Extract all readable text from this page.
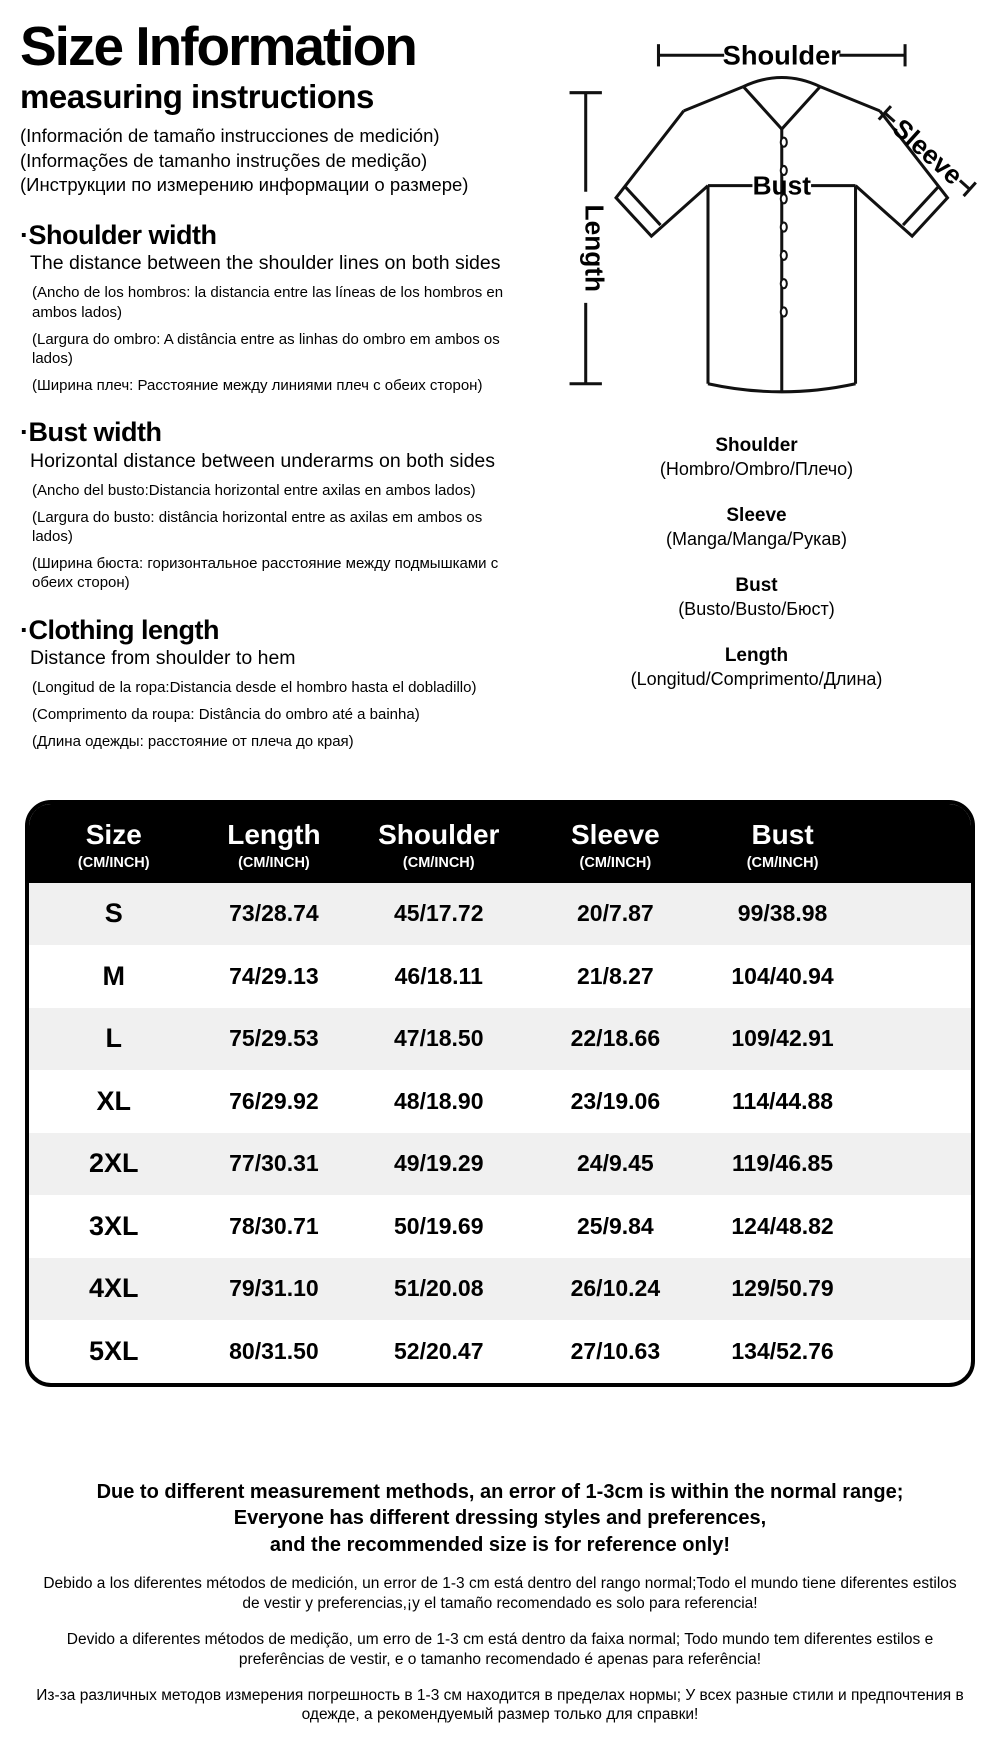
Size Information
measuring instructions
(Información de tamaño instrucciones de medición)
(Informações de tamanho instruções de medição)
(Инструкции по измерению информации о размере)
·Shoulder width
The distance between the shoulder lines on both sides
(Ancho de los hombros: la distancia entre las líneas de los hombros en ambos lados)
(Largura do ombro: A distância entre as linhas do ombro em ambos os lados)
(Ширина плеч: Расстояние между линиями плеч с обеих сторон)
·Bust width
Horizontal distance between underarms on both sides
(Ancho del busto:Distancia horizontal entre axilas en ambos lados)
(Largura do busto: distância horizontal entre as axilas em ambos os lados)
(Ширина бюста: горизонтальное расстояние между подмышками с обеих сторон)
·Clothing length
Distance from shoulder to hem
(Longitud de la ropa:Distancia desde el hombro hasta el dobladillo)
(Comprimento da roupa: Distância do ombro até a bainha)
(Длина одежды: расстояние от плеча до края)
Sleeve
Shoulder
Bust
Length
Shoulder
(Hombro/Ombro/Плечо)
Sleeve
(Manga/Manga/Рукав)
Bust
(Busto/Busto/Бюст)
Length
(Longitud/Comprimento/Длина)
Size
(CM/INCH)
Length
(CM/INCH)
Shoulder
(CM/INCH)
Sleeve
(CM/INCH)
Bust
(CM/INCH)
S	73/28.74	45/17.72	20/7.87	99/38.98
M	74/29.13	46/18.11	21/8.27	104/40.94
L	75/29.53	47/18.50	22/18.66	109/42.91
XL	76/29.92	48/18.90	23/19.06	114/44.88
2XL	77/30.31	49/19.29	24/9.45	119/46.85
3XL	78/30.71	50/19.69	25/9.84	124/48.82
4XL	79/31.10	51/20.08	26/10.24	129/50.79
5XL	80/31.50	52/20.47	27/10.63	134/52.76
Due to different measurement methods, an error of 1-3cm is within the normal range;
Everyone has different dressing styles and preferences,
and the recommended size is for reference only!
Debido a los diferentes métodos de medición, un error de 1-3 cm está dentro del rango normal;Todo el mundo tiene diferentes estilos de vestir y preferencias,¡y el tamaño recomendado es solo para referencia!
Devido a diferentes métodos de medição, um erro de 1-3 cm está dentro da faixa normal; Todo mundo tem diferentes estilos e preferências de vestir, e o tamanho recomendado é apenas para referência!
Из-за различных методов измерения погрешность в 1-3 см находится в пределах нормы; У всех разные стили и предпочтения в одежде, а рекомендуемый размер только для справки!
